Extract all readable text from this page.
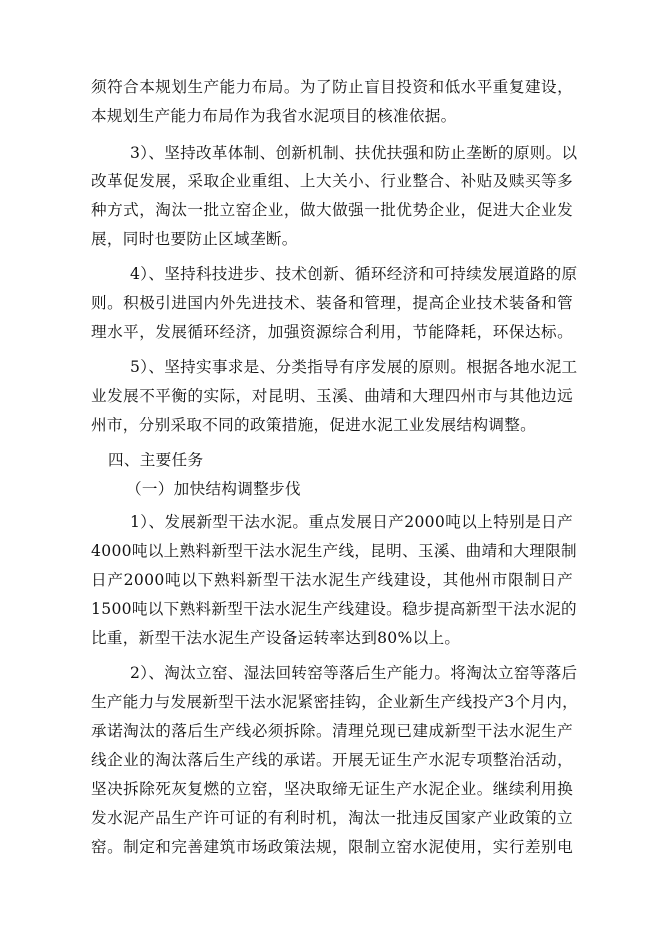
须符合本规划生产能力布局。为了防止盲目投资和低水平重复建设，
本规划生产能力布局作为我省水泥项目的核准依据。
3）、坚持改革体制、创新机制、扶优扶强和防止垄断的原则。以
改革促发展，采取企业重组、上大关小、行业整合、补贴及赎买等多
种方式，淘汰一批立窑企业，做大做强一批优势企业，促进大企业发
展，同时也要防止区域垄断。
4）、坚持科技进步、技术创新、循环经济和可持续发展道路的原
则。积极引进国内外先进技术、装备和管理，提高企业技术装备和管
理水平，发展循环经济，加强资源综合利用，节能降耗，环保达标。
5）、坚持实事求是、分类指导有序发展的原则。根据各地水泥工
业发展不平衡的实际，对昆明、玉溪、曲靖和大理四州市与其他边远
州市，分别采取不同的政策措施，促进水泥工业发展结构调整。
四、主要任务
（一）加快结构调整步伐
1）、发展新型干法水泥。重点发展日产2000吨以上特别是日产
4000吨以上熟料新型干法水泥生产线，昆明、玉溪、曲靖和大理限制
日产2000吨以下熟料新型干法水泥生产线建设，其他州市限制日产
1500吨以下熟料新型干法水泥生产线建设。稳步提高新型干法水泥的
比重，新型干法水泥生产设备运转率达到80%以上。
2）、淘汰立窑、湿法回转窑等落后生产能力。将淘汰立窑等落后
生产能力与发展新型干法水泥紧密挂钩，企业新生产线投产3个月内，
承诺淘汰的落后生产线必须拆除。清理兑现已建成新型干法水泥生产
线企业的淘汰落后生产线的承诺。开展无证生产水泥专项整治活动，
坚决拆除死灰复燃的立窑，坚决取缔无证生产水泥企业。继续利用换
发水泥产品生产许可证的有利时机，淘汰一批违反国家产业政策的立
窑。制定和完善建筑市场政策法规，限制立窑水泥使用，实行差别电
